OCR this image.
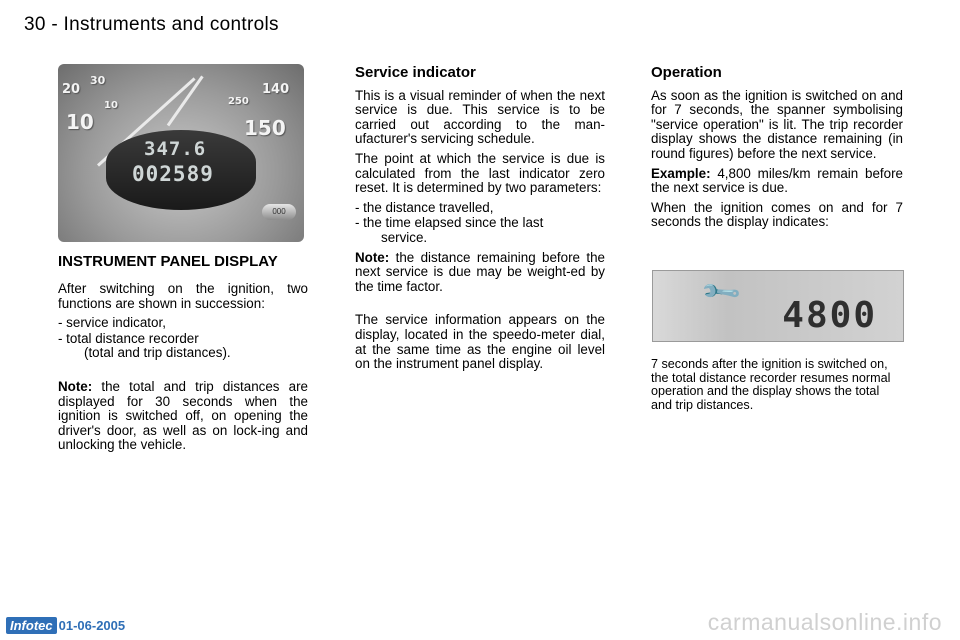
30 - Instruments and controls
20
30
10	150
140
250
10
347.6
002589
000
INSTRUMENT PANEL DISPLAY

After switching on the ignition, two functions are shown in succession:

- service indicator,
- total distance recorder
(total and trip distances).

Note: the total and trip distances are displayed for 30 seconds when the ignition is switched off, on opening the driver's door, as well as on lock-ing and unlocking the vehicle.

Service indicator

This is a visual reminder of when the next service is due. This service is to be carried out according to the man-ufacturer's servicing schedule.

The point at which the service is due is calculated from the last indicator zero reset. It is determined by two parameters:

- the distance travelled,
- the time elapsed since the last
service.

Note: the distance remaining before the next service is due may be weight-ed by the time factor.

The service information appears on the display, located in the speedo-meter dial, at the same time as the engine oil level on the instrument panel display.

Operation

As soon as the ignition is switched on and for 7 seconds, the spanner symbolising "service operation" is lit. The trip recorder display shows the distance remaining (in round figures) before the next service.

Example: 4,800 miles/km remain before the next service is due.

When the ignition comes on and for 7 seconds the display indicates:

🔧
4800

7 seconds after the ignition is switched on, the total distance recorder resumes normal operation and the display shows the total and trip distances.

Infotec 01-06-2005	carmanualsonline.info
